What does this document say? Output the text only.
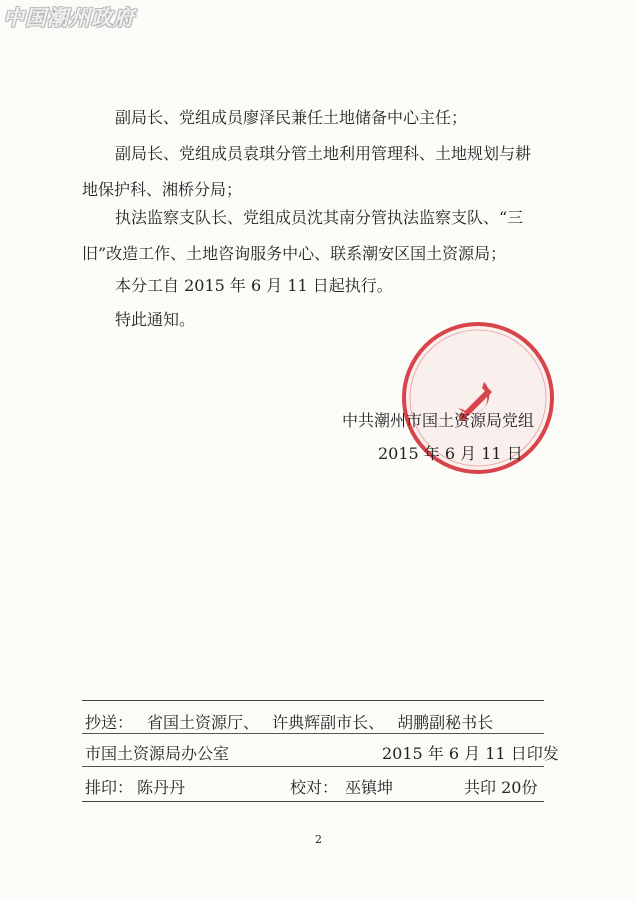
中国潮州政府
副局长、党组成员廖泽民兼任土地储备中心主任；
副局长、党组成员袁琪分管土地利用管理科、土地规划与耕
地保护科、湘桥分局；
执法监察支队长、党组成员沈其南分管执法监察支队、“三
旧”改造工作、土地咨询服务中心、联系潮安区国土资源局；
本分工自 2015 年 6 月 11 日起执行。
特此通知。
中共潮州市国土资源局党组
2015 年 6 月 11 日
抄送： 省国土资源厅、 许典辉副市长、 胡鹏副秘书长
市国土资源局办公室	2015 年 6 月 11 日印发
排印： 陈丹丹	校对： 巫镇坤	共印 20份
2
